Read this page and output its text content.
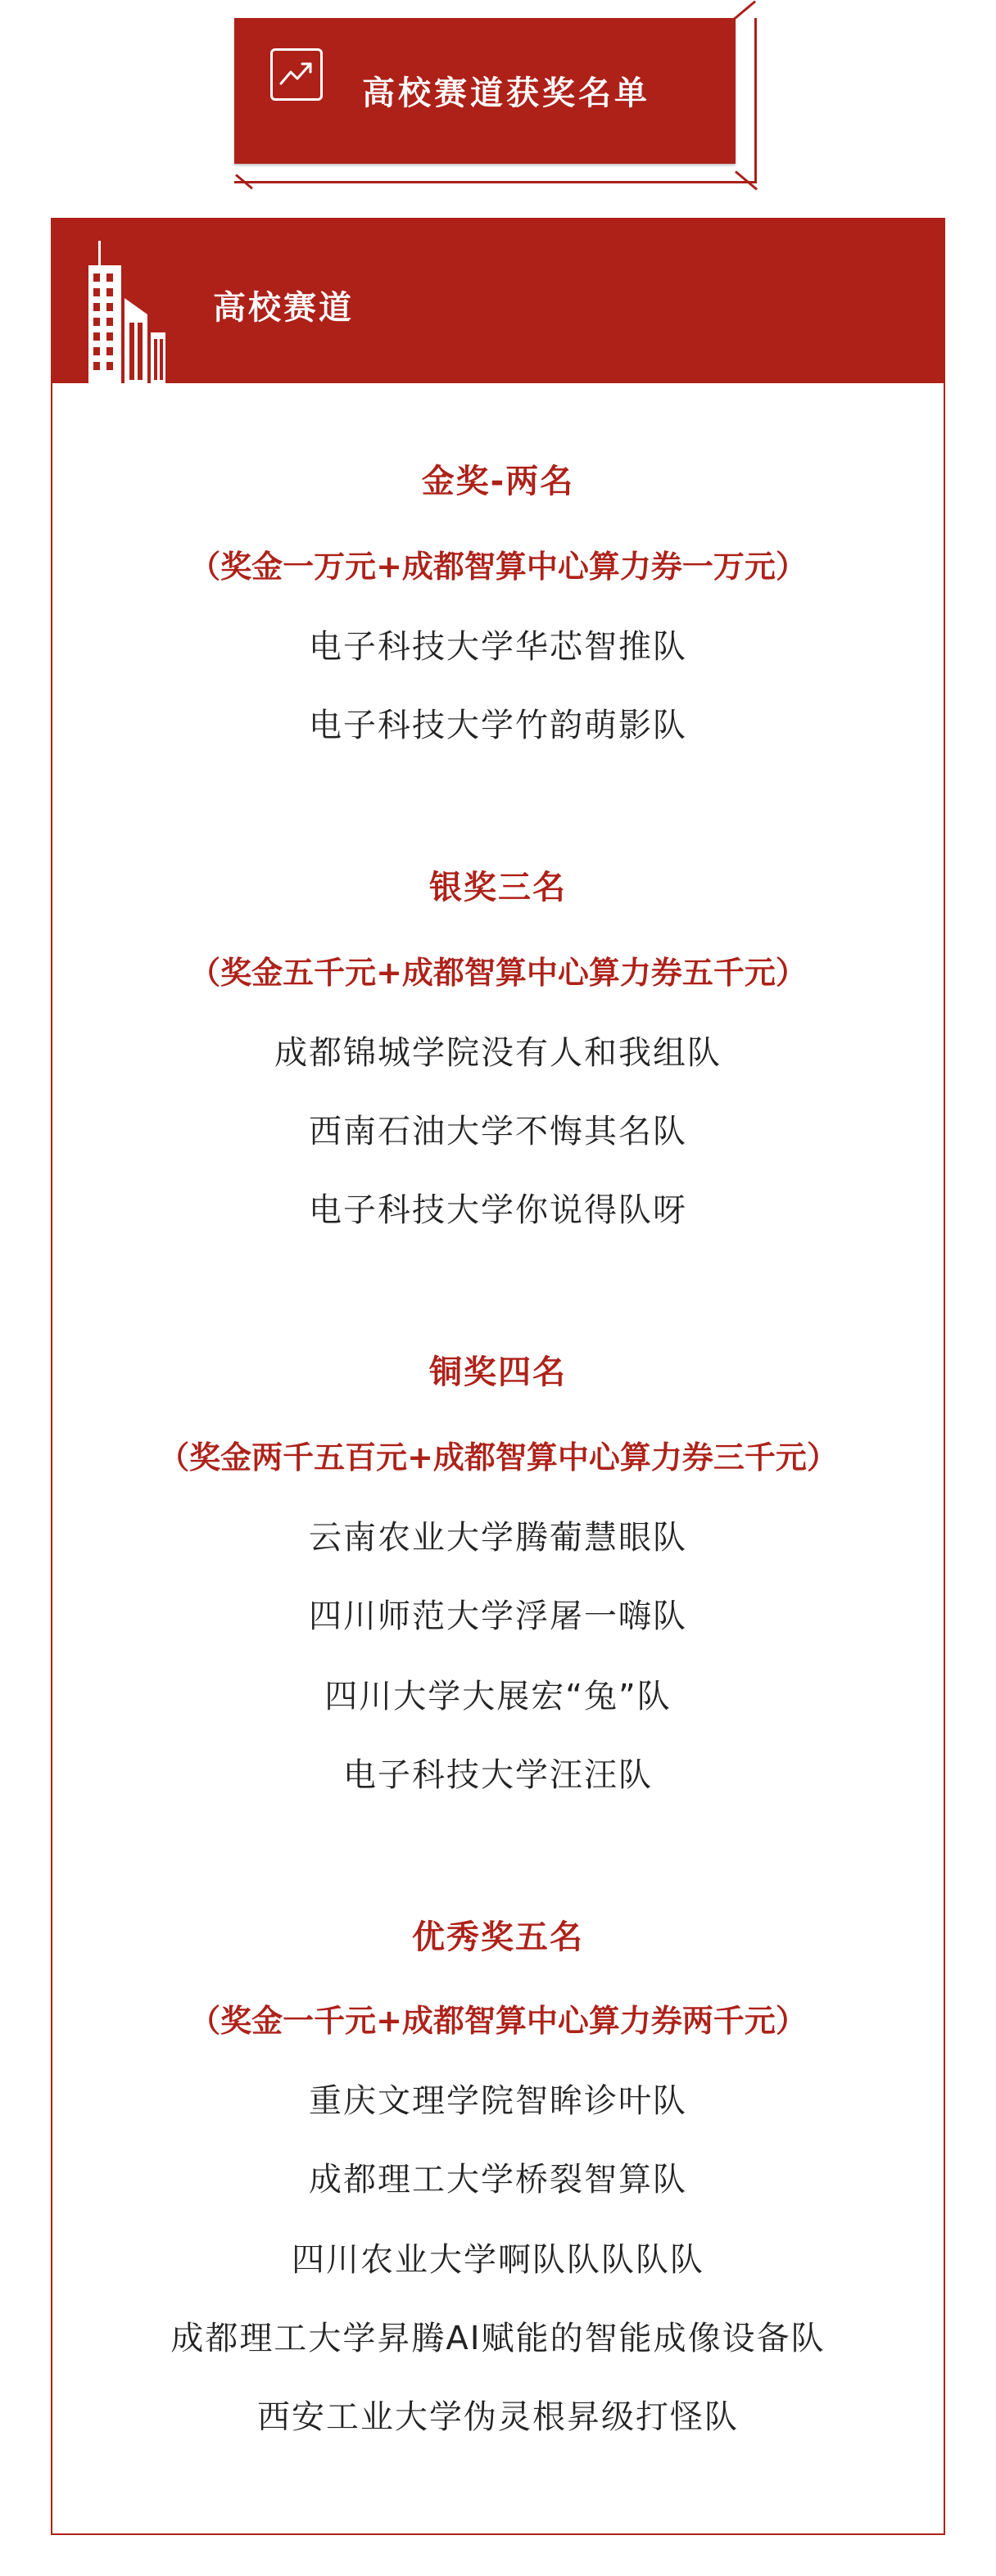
高校赛道获奖名单
高校赛道
金奖-两名
（奖金一万元+成都智算中心算力券一万元）
电子科技大学华芯智推队
电子科技大学竹韵萌影队
银奖三名
（奖金五千元+成都智算中心算力券五千元）
成都锦城学院没有人和我组队
西南石油大学不悔其名队
电子科技大学你说得队呀
铜奖四名
（奖金两千五百元+成都智算中心算力券三千元）
云南农业大学腾葡慧眼队
四川师范大学浮屠一嗨队
四川大学大展宏“兔”队
电子科技大学汪汪队
优秀奖五名
（奖金一千元+成都智算中心算力券两千元）
重庆文理学院智眸诊叶队
成都理工大学桥裂智算队
四川农业大学啊队队队队队
成都理工大学昇腾AI赋能的智能成像设备队
西安工业大学伪灵根昇级打怪队
